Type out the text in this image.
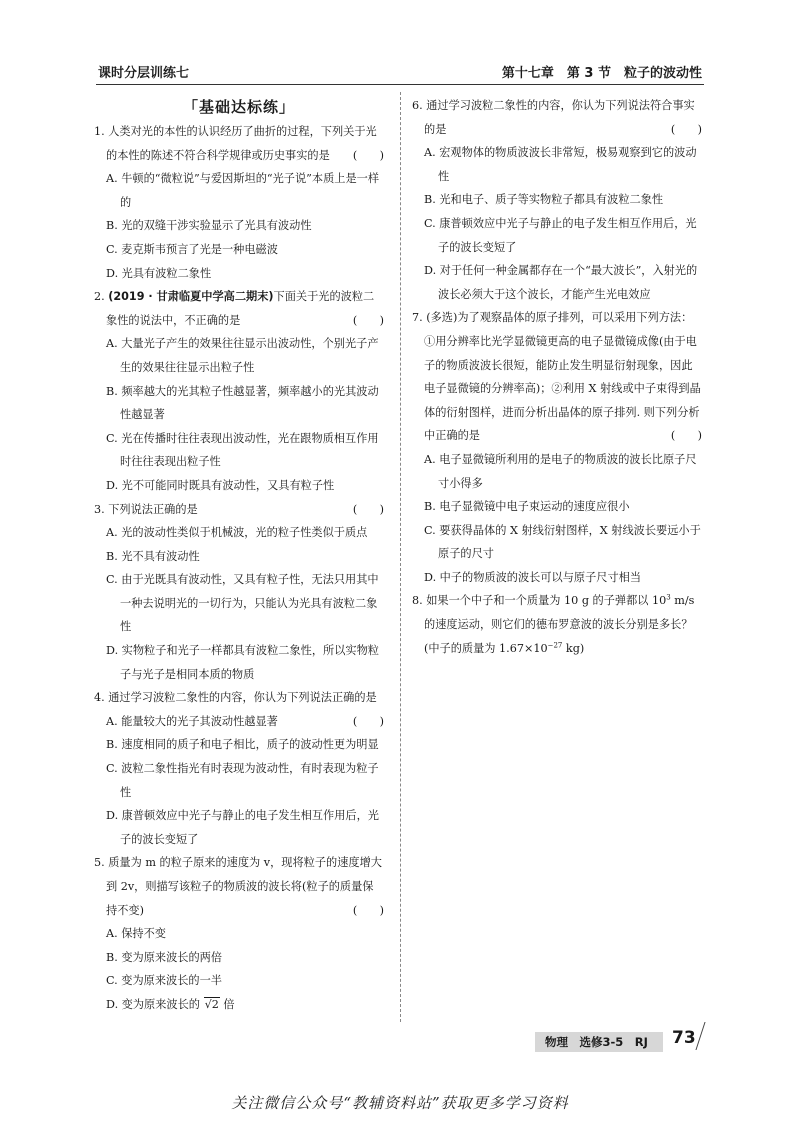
课时分层训练七	第十七章　第 3 节　粒子的波动性
「基础达标练」

1. 人类对光的本性的认识经历了曲折的过程，下列关于光的本性的陈述不符合科学规律或历史事实的是 (　　)

A. 牛顿的“微粒说”与爱因斯坦的“光子说”本质上是一样的

B. 光的双缝干涉实验显示了光具有波动性

C. 麦克斯韦预言了光是一种电磁波

D. 光具有波粒二象性

2. (2019 · 甘肃临夏中学高二期末)下面关于光的波粒二象性的说法中，不正确的是	(　　)

A. 大量光子产生的效果往往显示出波动性，个别光子产生的效果往往显示出粒子性

B. 频率越大的光其粒子性越显著，频率越小的光其波动性越显著

C. 光在传播时往往表现出波动性，光在跟物质相互作用时往往表现出粒子性

D. 光不可能同时既具有波动性，又具有粒子性

3. 下列说法正确的是	(　　)

A. 光的波动性类似于机械波，光的粒子性类似于质点

B. 光不具有波动性

C. 由于光既具有波动性，又具有粒子性，无法只用其中一种去说明光的一切行为，只能认为光具有波粒二象性

D. 实物粒子和光子一样都具有波粒二象性，所以实物粒子与光子是相同本质的物质

4. 通过学习波粒二象性的内容，你认为下列说法正确的是
(　　)

A. 能量较大的光子其波动性越显著

B. 速度相同的质子和电子相比，质子的波动性更为明显

C. 波粒二象性指光有时表现为波动性，有时表现为粒子性

D. 康普顿效应中光子与静止的电子发生相互作用后，光子的波长变短了

5. 质量为 m 的粒子原来的速度为 v，现将粒子的速度增大到 2v，则描写该粒子的物质波的波长将(粒子的质量保持不变)	(　　)

A. 保持不变

B. 变为原来波长的两倍

C. 变为原来波长的一半

D. 变为原来波长的 √2 倍

6. 通过学习波粒二象性的内容，你认为下列说法符合事实的是	(　　)

A. 宏观物体的物质波波长非常短，极易观察到它的波动性

B. 光和电子、质子等实物粒子都具有波粒二象性

C. 康普顿效应中光子与静止的电子发生相互作用后，光子的波长变短了

D. 对于任何一种金属都存在一个“最大波长”，入射光的波长必须大于这个波长，才能产生光电效应

7. (多选)为了观察晶体的原子排列，可以采用下列方法：①用分辨率比光学显微镜更高的电子显微镜成像(由于电子的物质波波长很短，能防止发生明显衍射现象，因此电子显微镜的分辨率高)；②利用 X 射线或中子束得到晶体的衍射图样，进而分析出晶体的原子排列. 则下列分析中正确的是	(　　)

A. 电子显微镜所利用的是电子的物质波的波长比原子尺寸小得多

B. 电子显微镜中电子束运动的速度应很小

C. 要获得晶体的 X 射线衍射图样，X 射线波长要远小于原子的尺寸

D. 中子的物质波的波长可以与原子尺寸相当

8. 如果一个中子和一个质量为 10 g 的子弹都以 $10^3$ m/s 的速度运动，则它们的德布罗意波的波长分别是多长？(中子的质量为 $1.67\times 10^{-27}$ kg)

物理　选修3-5　RJ 73
关注微信公众号“教辅资料站”获取更多学习资料
